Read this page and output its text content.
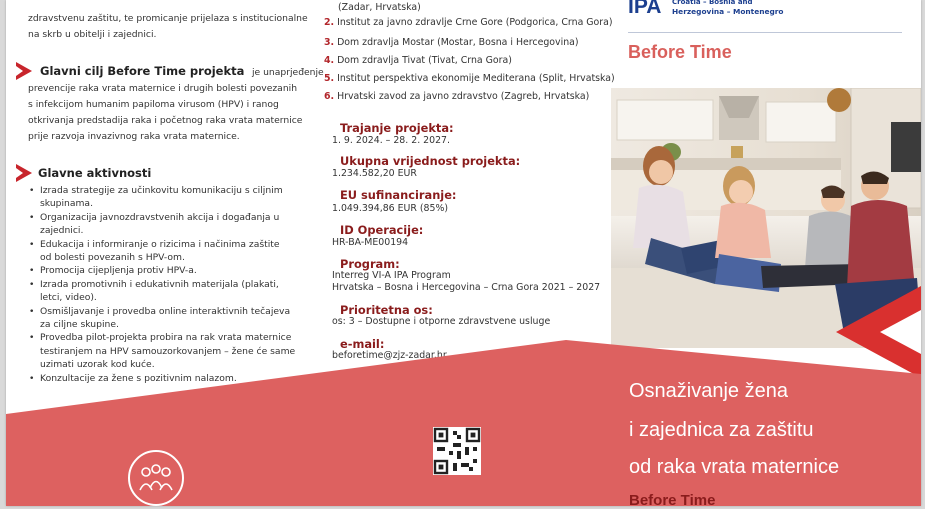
zdravstvenu zaštitu, te promicanje prijelaza s institucionalne
na skrb u obitelji i zajednici.
Glavni cilj Before Time projekta je unaprjeđenje
prevencije raka vrata maternice i drugih bolesti povezanih
s infekcijom humanim papiloma virusom (HPV) i ranog
otkrivanja predstadija raka i početnog raka vrata maternice
prije razvoja invazivnog raka vrata maternice.
Glavne aktivnosti
• Izrada strategije za učinkovitu komunikaciju s ciljnim
skupinama.
• Organizacija javnozdravstvenih akcija i događanja u
zajednici.
• Edukacija i informiranje o rizicima i načinima zaštite
od bolesti povezanih s HPV-om.
• Promocija cijepljenja protiv HPV-a.
• Izrada promotivnih i edukativnih materijala (plakati,
letci, video).
• Osmišljavanje i provedba online interaktivnih tečajeva
za ciljne skupine.
• Provedba pilot-projekta probira na rak vrata maternice
testiranjem na HPV samouzorkovanjem – žene će same
uzimati uzorak kod kuće.
• Konzultacije za žene s pozitivnim nalazom.
(Zadar, Hrvatska)
2. Institut za javno zdravlje Crne Gore (Podgorica, Crna Gora)
3. Dom zdravlja Mostar (Mostar, Bosna i Hercegovina)
4. Dom zdravlja Tivat (Tivat, Crna Gora)
5. Institut perspektiva ekonomije Mediterana (Split, Hrvatska)
6. Hrvatski zavod za javno zdravstvo (Zagreb, Hrvatska)
Trajanje projekta:
1. 9. 2024. – 28. 2. 2027.
Ukupna vrijednost projekta:
1.234.582,20 EUR
EU sufinanciranje:
1.049.394,86 EUR (85%)
ID Operacije:
HR-BA-ME00194
Program:
Interreg VI-A IPA Program
Hrvatska – Bosna i Hercegovina – Crna Gora 2021 – 2027
Prioritetna os:
os: 3 – Dostupne i otporne zdravstvene usluge
e-mail:
beforetime@zjz-zadar.hr
IPA Croatia – Bosnia and
Herzegovina – Montenegro
Before Time
Osnaživanje žena
i zajednica za zaštitu
od raka vrata maternice
Before Time
